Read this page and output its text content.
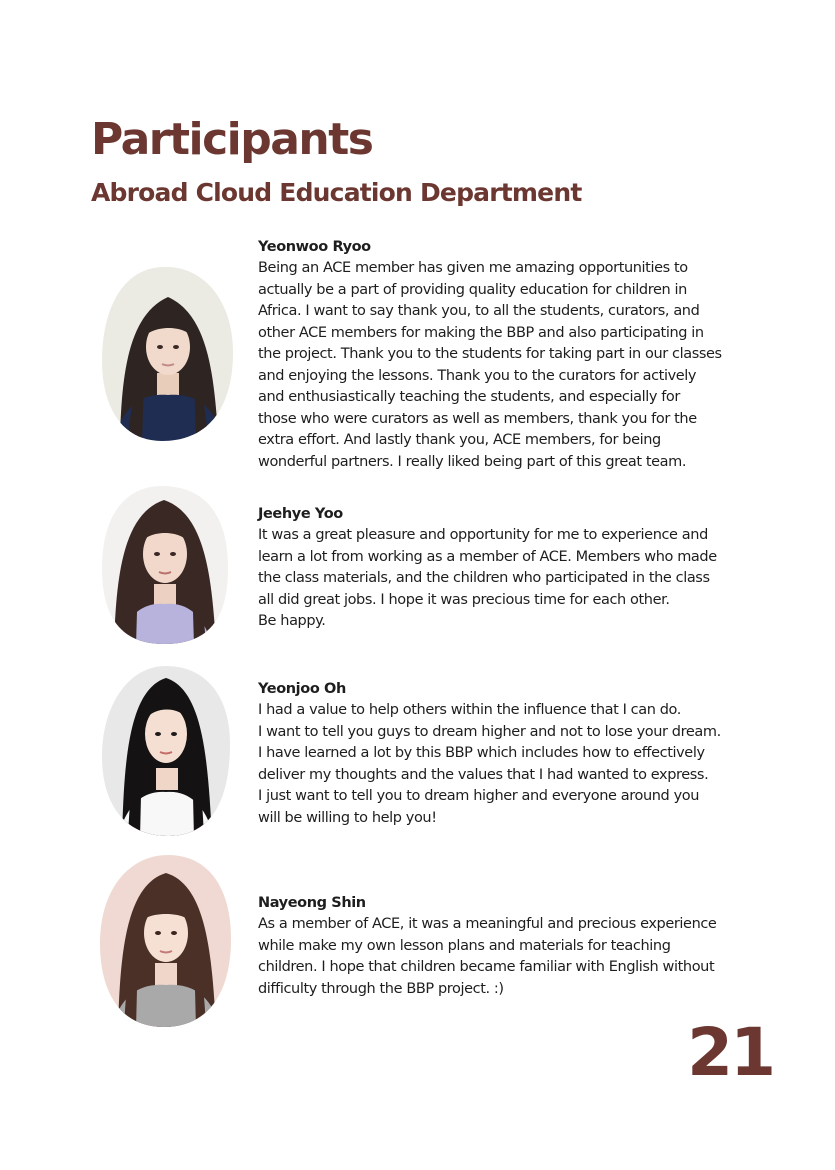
Participants
Abroad Cloud Education Department
Yeonwoo Ryoo

Being an ACE member has given me amazing opportunities to
actually be a part of providing quality education for children in
Africa. I want to say thank you, to all the students, curators, and
other ACE members for making the BBP and also participating in
the project. Thank you to the students for taking part in our classes
and enjoying the lessons. Thank you to the curators for actively
and enthusiastically teaching the students, and especially for
those who were curators as well as members, thank you for the
extra effort. And lastly thank you, ACE members, for being
wonderful partners. I really liked being part of this great team.

Jeehye Yoo

It was a great pleasure and opportunity for me to experience and
learn a lot from working as a member of ACE. Members who made
the class materials, and the children who participated in the class
all did great jobs. I hope it was precious time for each other.
Be happy.

Yeonjoo Oh

I had a value to help others within the influence that I can do.
I want to tell you guys to dream higher and not to lose your dream.
I have learned a lot by this BBP which includes how to effectively
deliver my thoughts and the values that I had wanted to express.
I just want to tell you to dream higher and everyone around you
will be willing to help you!

Nayeong Shin

As a member of ACE, it was a meaningful and precious experience
while make my own lesson plans and materials for teaching
children. I hope that children became familiar with English without
difficulty through the BBP project. :)

21
